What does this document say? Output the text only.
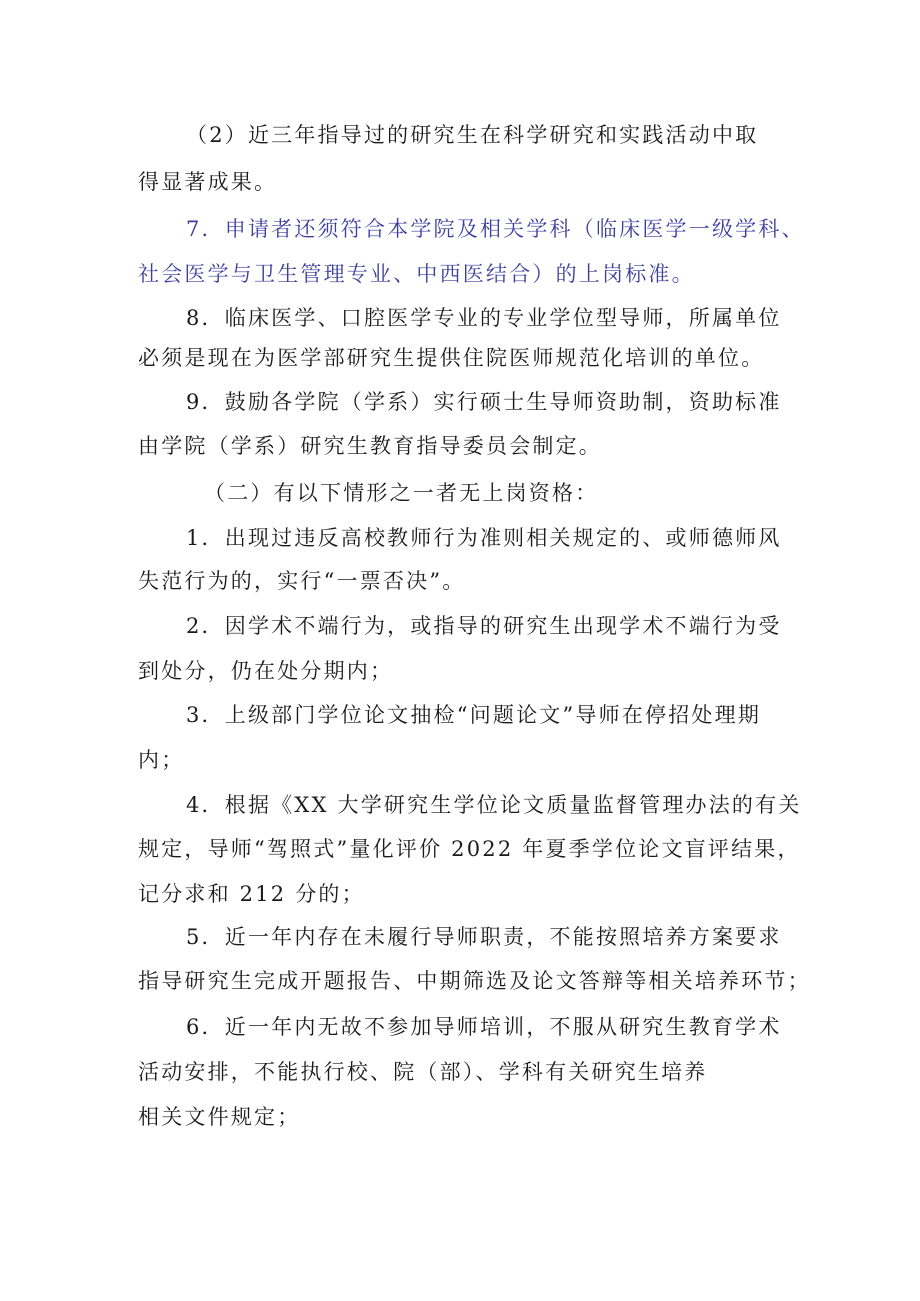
（2）近三年指导过的研究生在科学研究和实践活动中取
得显著成果。
7．申请者还须符合本学院及相关学科（临床医学一级学科、
社会医学与卫生管理专业、中西医结合）的上岗标准。
8．临床医学、口腔医学专业的专业学位型导师，所属单位
必须是现在为医学部研究生提供住院医师规范化培训的单位。
9．鼓励各学院（学系）实行硕士生导师资助制，资助标准
由学院（学系）研究生教育指导委员会制定。
（二）有以下情形之一者无上岗资格：
1．出现过违反高校教师行为准则相关规定的、或师德师风
失范行为的，实行“一票否决”。
2．因学术不端行为，或指导的研究生出现学术不端行为受
到处分，仍在处分期内；
3．上级部门学位论文抽检“问题论文”导师在停招处理期
内；
4．根据《XX 大学研究生学位论文质量监督管理办法的有关
规定，导师“驾照式”量化评价 2022 年夏季学位论文盲评结果，
记分求和 212 分的；
5．近一年内存在未履行导师职责，不能按照培养方案要求
指导研究生完成开题报告、中期筛选及论文答辩等相关培养环节；
6．近一年内无故不参加导师培训，不服从研究生教育学术
活动安排，不能执行校、院（部）、学科有关研究生培养
相关文件规定；
